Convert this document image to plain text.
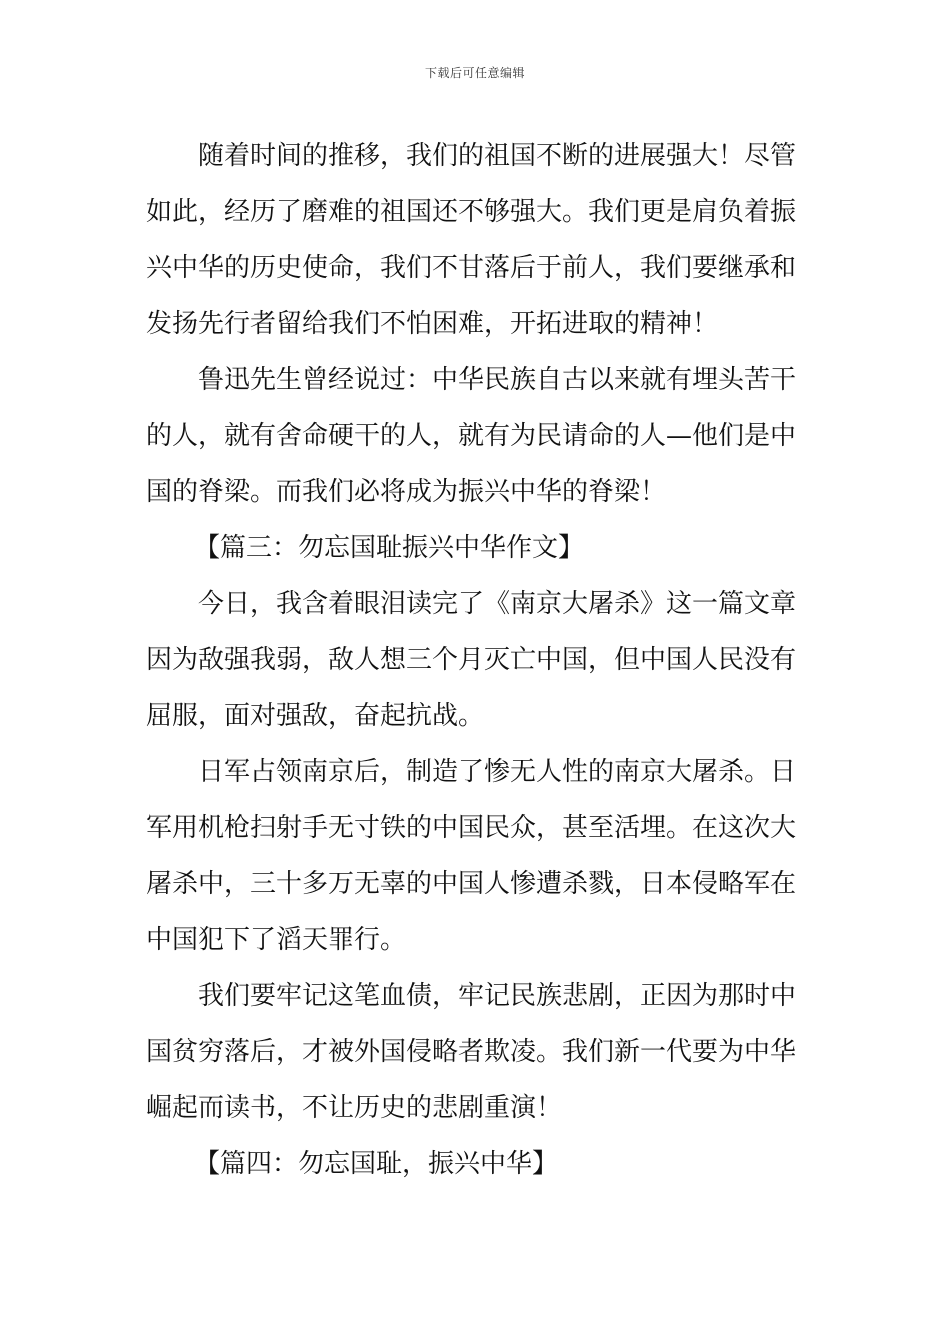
下载后可任意编辑
随着时间的推移，我们的祖国不断的进展强大！尽管
如此，经历了磨难的祖国还不够强大。我们更是肩负着振
兴中华的历史使命，我们不甘落后于前人，我们要继承和
发扬先行者留给我们不怕困难，开拓进取的精神！
鲁迅先生曾经说过：中华民族自古以来就有埋头苦干
的人，就有舍命硬干的人，就有为民请命的人—他们是中
国的脊梁。而我们必将成为振兴中华的脊梁！
【篇三：勿忘国耻振兴中华作文】
今日，我含着眼泪读完了《南京大屠杀》这一篇文章
因为敌强我弱，敌人想三个月灭亡中国，但中国人民没有
屈服，面对强敌，奋起抗战。
日军占领南京后，制造了惨无人性的南京大屠杀。日
军用机枪扫射手无寸铁的中国民众，甚至活埋。在这次大
屠杀中，三十多万无辜的中国人惨遭杀戮，日本侵略军在
中国犯下了滔天罪行。
我们要牢记这笔血债，牢记民族悲剧，正因为那时中
国贫穷落后，才被外国侵略者欺凌。我们新一代要为中华
崛起而读书，不让历史的悲剧重演！
【篇四：勿忘国耻，振兴中华】
